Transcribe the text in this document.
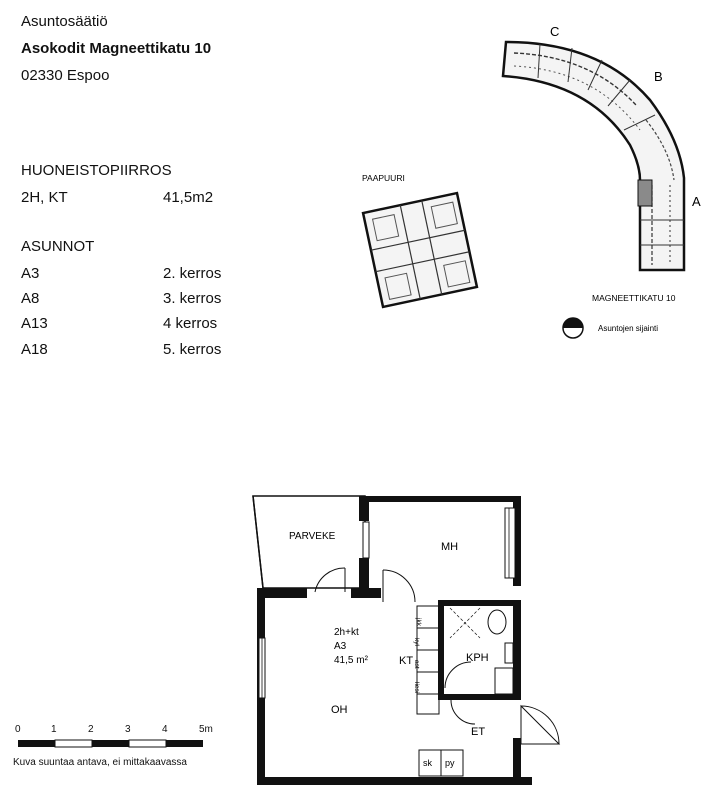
Asuntosäätiö
Asokodit Magneettikatu 10
02330 Espoo
HUONEISTOPIIRROS
2H, KT	41,5m2
ASUNNOT
A3	2. kerros
A8	3. kerros
A13	4 kerros
A18	5. kerros
C
B
A
PAAPUURI
MAGNEETTIKATU 10
Asuntojen sijainti
0	1	2	3	4	5m
Kuva suuntaa antava, ei mittakaavassa
jkk
kyl
ast
liesi
PARVEKE
MH
OH
KT	KPH
ET
2h+kt
A3
41,5 m²
sk py
